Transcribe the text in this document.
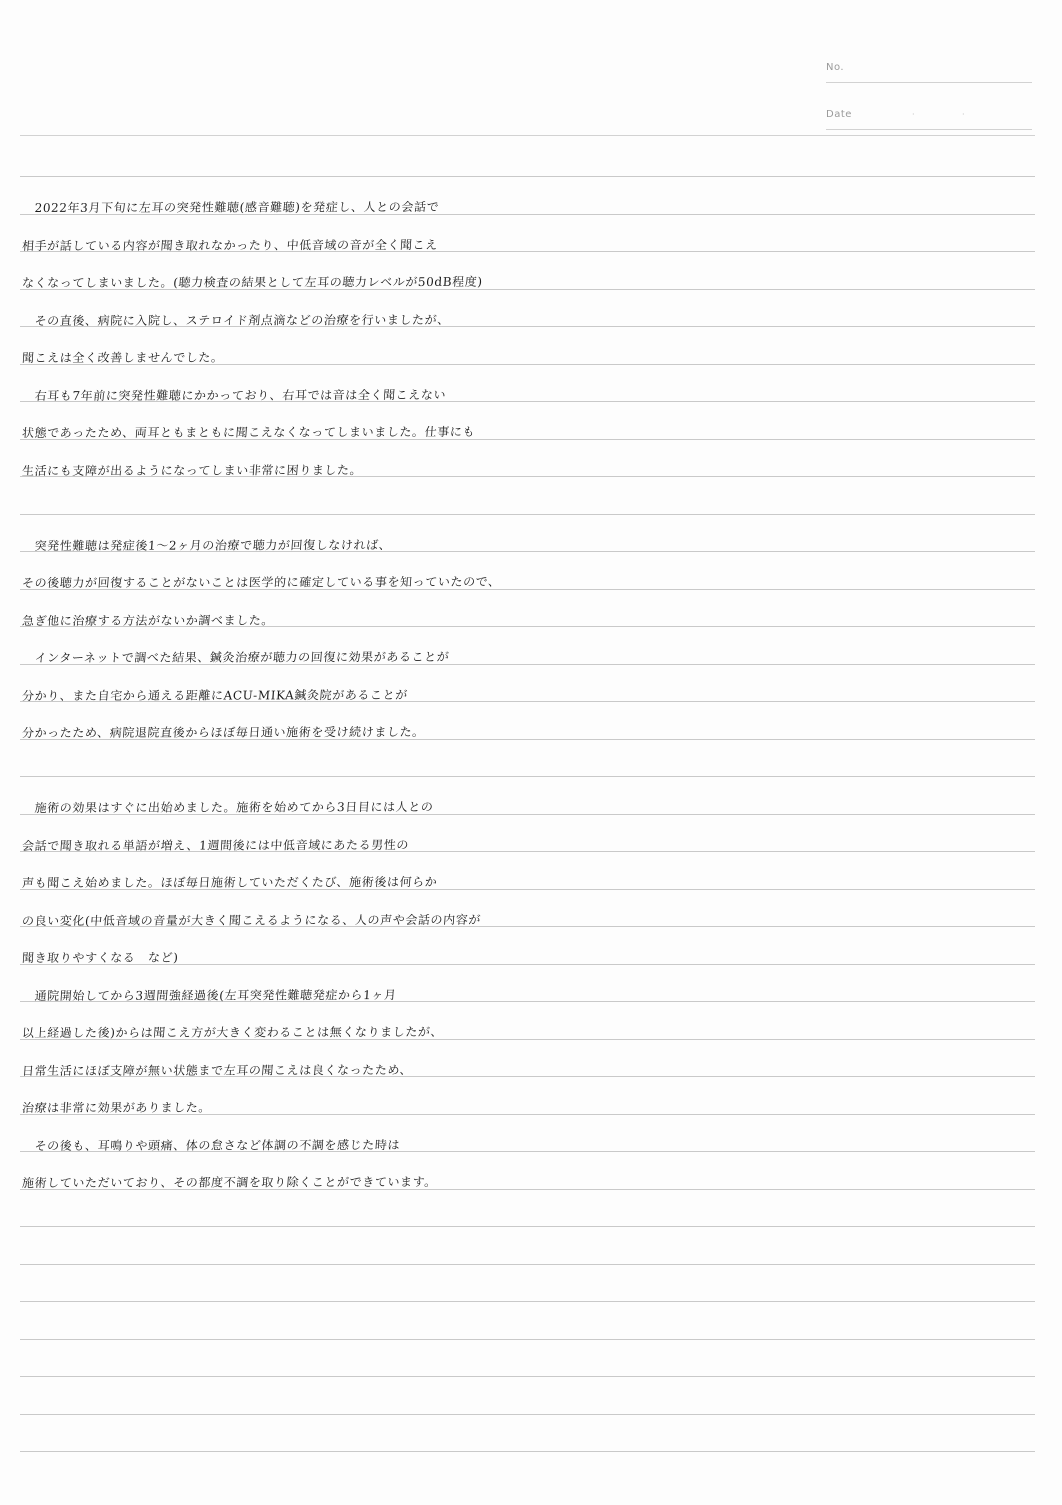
No.
Date	·	·
　2022年3月下旬に左耳の突発性難聴(感音難聴)を発症し、人との会話で
相手が話している内容が聞き取れなかったり、中低音域の音が全く聞こえ
なくなってしまいました。(聴力検査の結果として左耳の聴力レベルが50dB程度)
　その直後、病院に入院し、ステロイド剤点滴などの治療を行いましたが、
聞こえは全く改善しませんでした。
　右耳も7年前に突発性難聴にかかっており、右耳では音は全く聞こえない
状態であったため、両耳ともまともに聞こえなくなってしまいました。仕事にも
生活にも支障が出るようになってしまい非常に困りました。
　突発性難聴は発症後1〜2ヶ月の治療で聴力が回復しなければ、
その後聴力が回復することがないことは医学的に確定している事を知っていたので、
急ぎ他に治療する方法がないか調べました。
　インターネットで調べた結果、鍼灸治療が聴力の回復に効果があることが
分かり、また自宅から通える距離にACU-MIKA鍼灸院があることが
分かったため、病院退院直後からほぼ毎日通い施術を受け続けました。
　施術の効果はすぐに出始めました。施術を始めてから3日目には人との
会話で聞き取れる単語が増え、1週間後には中低音域にあたる男性の
声も聞こえ始めました。ほぼ毎日施術していただくたび、施術後は何らか
の良い変化(中低音域の音量が大きく聞こえるようになる、人の声や会話の内容が
聞き取りやすくなる　など)
　通院開始してから3週間強経過後(左耳突発性難聴発症から1ヶ月
以上経過した後)からは聞こえ方が大きく変わることは無くなりましたが、
日常生活にほぼ支障が無い状態まで左耳の聞こえは良くなったため、
治療は非常に効果がありました。
　その後も、耳鳴りや頭痛、体の怠さなど体調の不調を感じた時は
施術していただいており、その都度不調を取り除くことができています。
